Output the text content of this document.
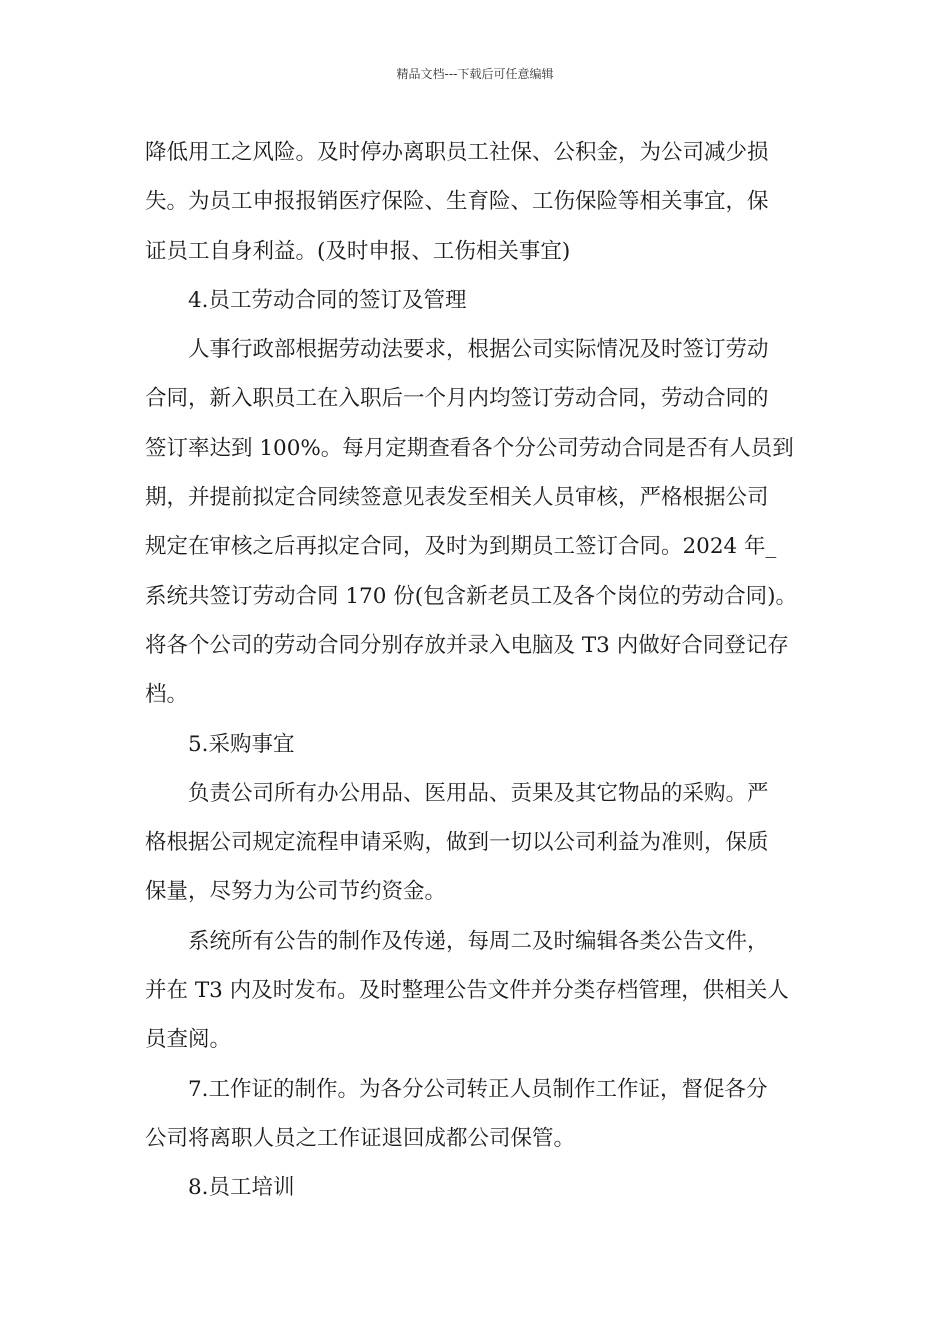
精品文档---下载后可任意编辑

降低用工之风险。及时停办离职员工社保、公积金，为公司减少损
失。为员工申报报销医疗保险、生育险、工伤保险等相关事宜，保
证员工自身利益。(及时申报、工伤相关事宜)

4.员工劳动合同的签订及管理

人事行政部根据劳动法要求，根据公司实际情况及时签订劳动
合同，新入职员工在入职后一个月内均签订劳动合同，劳动合同的
签订率达到 100%。每月定期查看各个分公司劳动合同是否有人员到
期，并提前拟定合同续签意见表发至相关人员审核，严格根据公司
规定在审核之后再拟定合同，及时为到期员工签订合同。2024 年_
系统共签订劳动合同 170 份(包含新老员工及各个岗位的劳动合同)。
将各个公司的劳动合同分别存放并录入电脑及 T3 内做好合同登记存
档。

5.采购事宜

负责公司所有办公用品、医用品、贡果及其它物品的采购。严
格根据公司规定流程申请采购，做到一切以公司利益为准则，保质
保量，尽努力为公司节约资金。

系统所有公告的制作及传递，每周二及时编辑各类公告文件，
并在 T3 内及时发布。及时整理公告文件并分类存档管理，供相关人
员查阅。

7.工作证的制作。为各分公司转正人员制作工作证，督促各分
公司将离职人员之工作证退回成都公司保管。

8.员工培训
